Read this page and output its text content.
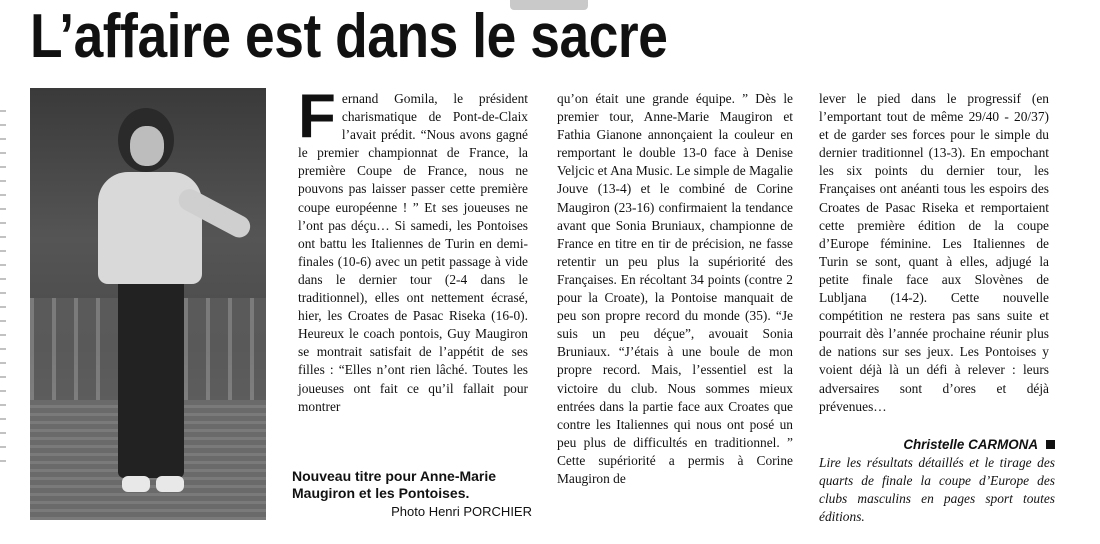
L’affaire est dans le sacre

Fernand Gomila, le président charismatique de Pont-de-Claix l’avait prédit. “Nous avons gagné le premier championnat de France, la première Coupe de France, nous ne pouvons pas laisser passer cette première coupe européenne ! ” Et ses joueuses ne l’ont pas déçu… Si samedi, les Pontoises ont battu les Italiennes de Turin en demi-finales (10-6) avec un petit passage à vide dans le dernier tour (2-4 dans le traditionnel), elles ont nettement écrasé, hier, les Croates de Pasac Riseka (16-0). Heureux le coach pontois, Guy Maugiron se montrait satisfait de l’appétit de ses filles : “Elles n’ont rien lâché. Toutes les joueuses ont fait ce qu’il fallait pour montrer

Nouveau titre pour Anne-Marie Maugiron et les Pontoises.
Photo Henri PORCHIER

qu’on était une grande équipe. ” Dès le premier tour, Anne-Marie Maugiron et Fathia Gianone annonçaient la couleur en remportant le double 13-0 face à Denise Veljcic et Ana Music. Le simple de Magalie Jouve (13-4) et le combiné de Corine Maugiron (23-16) confirmaient la tendance avant que Sonia Bruniaux, championne de France en titre en tir de précision, ne fasse retentir un peu plus la supériorité des Françaises. En récoltant 34 points (contre 2 pour la Croate), la Pontoise manquait de peu son propre record du monde (35). “Je suis un peu déçue”, avouait Sonia Bruniaux. “J’étais à une boule de mon propre record. Mais, l’essentiel est la victoire du club. Nous sommes mieux entrées dans la partie face aux Croates que contre les Italiennes qui nous ont posé un peu plus de difficultés en traditionnel. ” Cette supériorité a permis à Corine Maugiron de

lever le pied dans le progressif (en l’emportant tout de même 29/40 - 20/37) et de garder ses forces pour le simple du dernier traditionnel (13-3). En empochant les six points du dernier tour, les Françaises ont anéanti tous les espoirs des Croates de Pasac Riseka et remportaient cette première édition de la coupe d’Europe féminine. Les Italiennes de Turin se sont, quant à elles, adjugé la petite finale face aux Slovènes de Lubljana (14-2). Cette nouvelle compétition ne restera pas sans suite et pourrait dès l’année prochaine réunir plus de nations sur ses jeux. Les Pontoises y voient déjà là un défi à relever : leurs adversaires sont d’ores et déjà prévenues…

Christelle CARMONA
Lire les résultats détaillés et le tirage des quarts de finale la coupe d’Europe des clubs masculins en pages sport toutes éditions.
